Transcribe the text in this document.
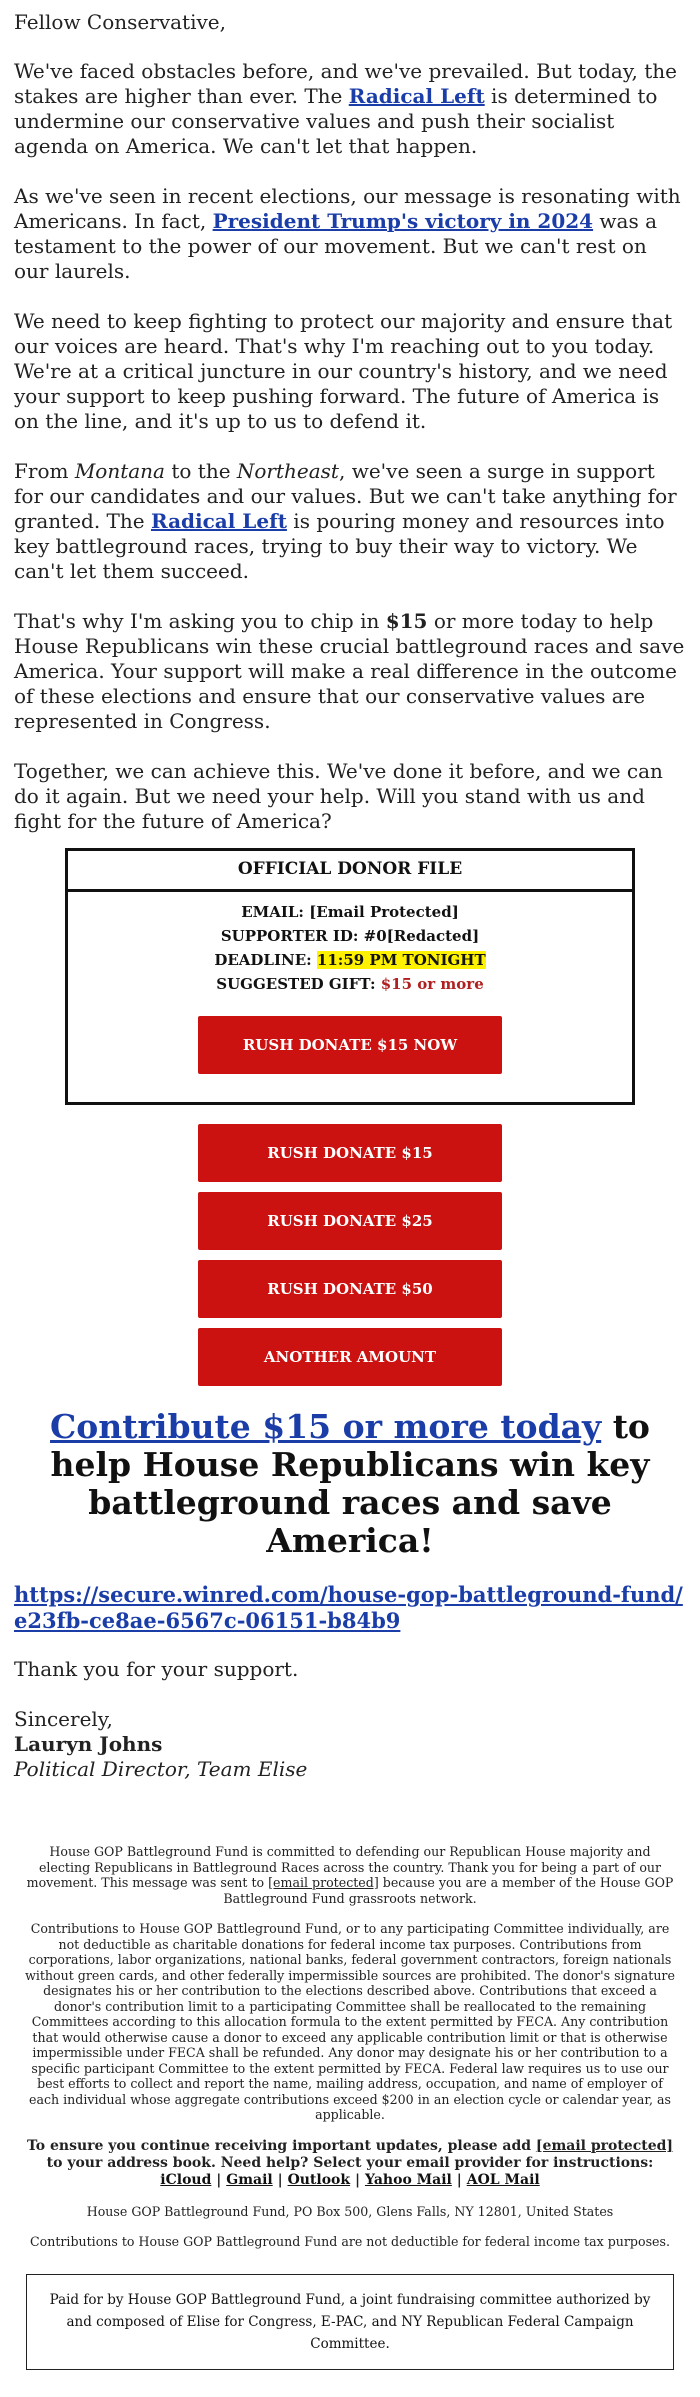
Fellow Conservative,

We've faced obstacles before, and we've prevailed. But today, the stakes are higher than ever. The Radical Left is determined to undermine our conservative values and push their socialist agenda on America. We can't let that happen.

As we've seen in recent elections, our message is resonating with Americans. In fact, President Trump's victory in 2024 was a testament to the power of our movement. But we can't rest on our laurels.

We need to keep fighting to protect our majority and ensure that our voices are heard. That's why I'm reaching out to you today. We're at a critical juncture in our country's history, and we need your support to keep pushing forward. The future of America is on the line, and it's up to us to defend it.

From Montana to the Northeast, we've seen a surge in support for our candidates and our values. But we can't take anything for granted. The Radical Left is pouring money and resources into key battleground races, trying to buy their way to victory. We can't let them succeed.

That's why I'm asking you to chip in $15 or more today to help House Republicans win these crucial battleground races and save America. Your support will make a real difference in the outcome of these elections and ensure that our conservative values are represented in Congress.

Together, we can achieve this. We've done it before, and we can do it again. But we need your help. Will you stand with us and fight for the future of America?

OFFICIAL DONOR FILE
EMAIL: [Email Protected]
SUPPORTER ID: #0[Redacted]
DEADLINE: 11:59 PM TONIGHT
SUGGESTED GIFT: $15 or more
RUSH DONATE $15 NOW
RUSH DONATE $15
RUSH DONATE $25
RUSH DONATE $50
ANOTHER AMOUNT
Contribute $15 or more today to help House Republicans win key battleground races and save America!
https://secure.winred.com/house-gop-battleground-fund/e23fb-ce8ae-6567c-06151-b84b9

Thank you for your support.

Sincerely,
Lauryn Johns
Political Director, Team Elise

House GOP Battleground Fund is committed to defending our Republican House majority and electing Republicans in Battleground Races across the country. Thank you for being a part of our movement. This message was sent to [email protected] because you are a member of the House GOP Battleground Fund grassroots network.

Contributions to House GOP Battleground Fund, or to any participating Committee individually, are not deductible as charitable donations for federal income tax purposes. Contributions from corporations, labor organizations, national banks, federal government contractors, foreign nationals without green cards, and other federally impermissible sources are prohibited. The donor's signature designates his or her contribution to the elections described above. Contributions that exceed a donor's contribution limit to a participating Committee shall be reallocated to the remaining Committees according to this allocation formula to the extent permitted by FECA. Any contribution that would otherwise cause a donor to exceed any applicable contribution limit or that is otherwise impermissible under FECA shall be refunded. Any donor may designate his or her contribution to a specific participant Committee to the extent permitted by FECA. Federal law requires us to use our best efforts to collect and report the name, mailing address, occupation, and name of employer of each individual whose aggregate contributions exceed $200 in an election cycle or calendar year, as applicable.

To ensure you continue receiving important updates, please add [email protected] to your address book. Need help? Select your email provider for instructions:
iCloud | Gmail | Outlook | Yahoo Mail | AOL Mail

House GOP Battleground Fund, PO Box 500, Glens Falls, NY 12801, United States

Contributions to House GOP Battleground Fund are not deductible for federal income tax purposes.

Paid for by House GOP Battleground Fund, a joint fundraising committee authorized by and composed of Elise for Congress, E-PAC, and NY Republican Federal Campaign Committee.
